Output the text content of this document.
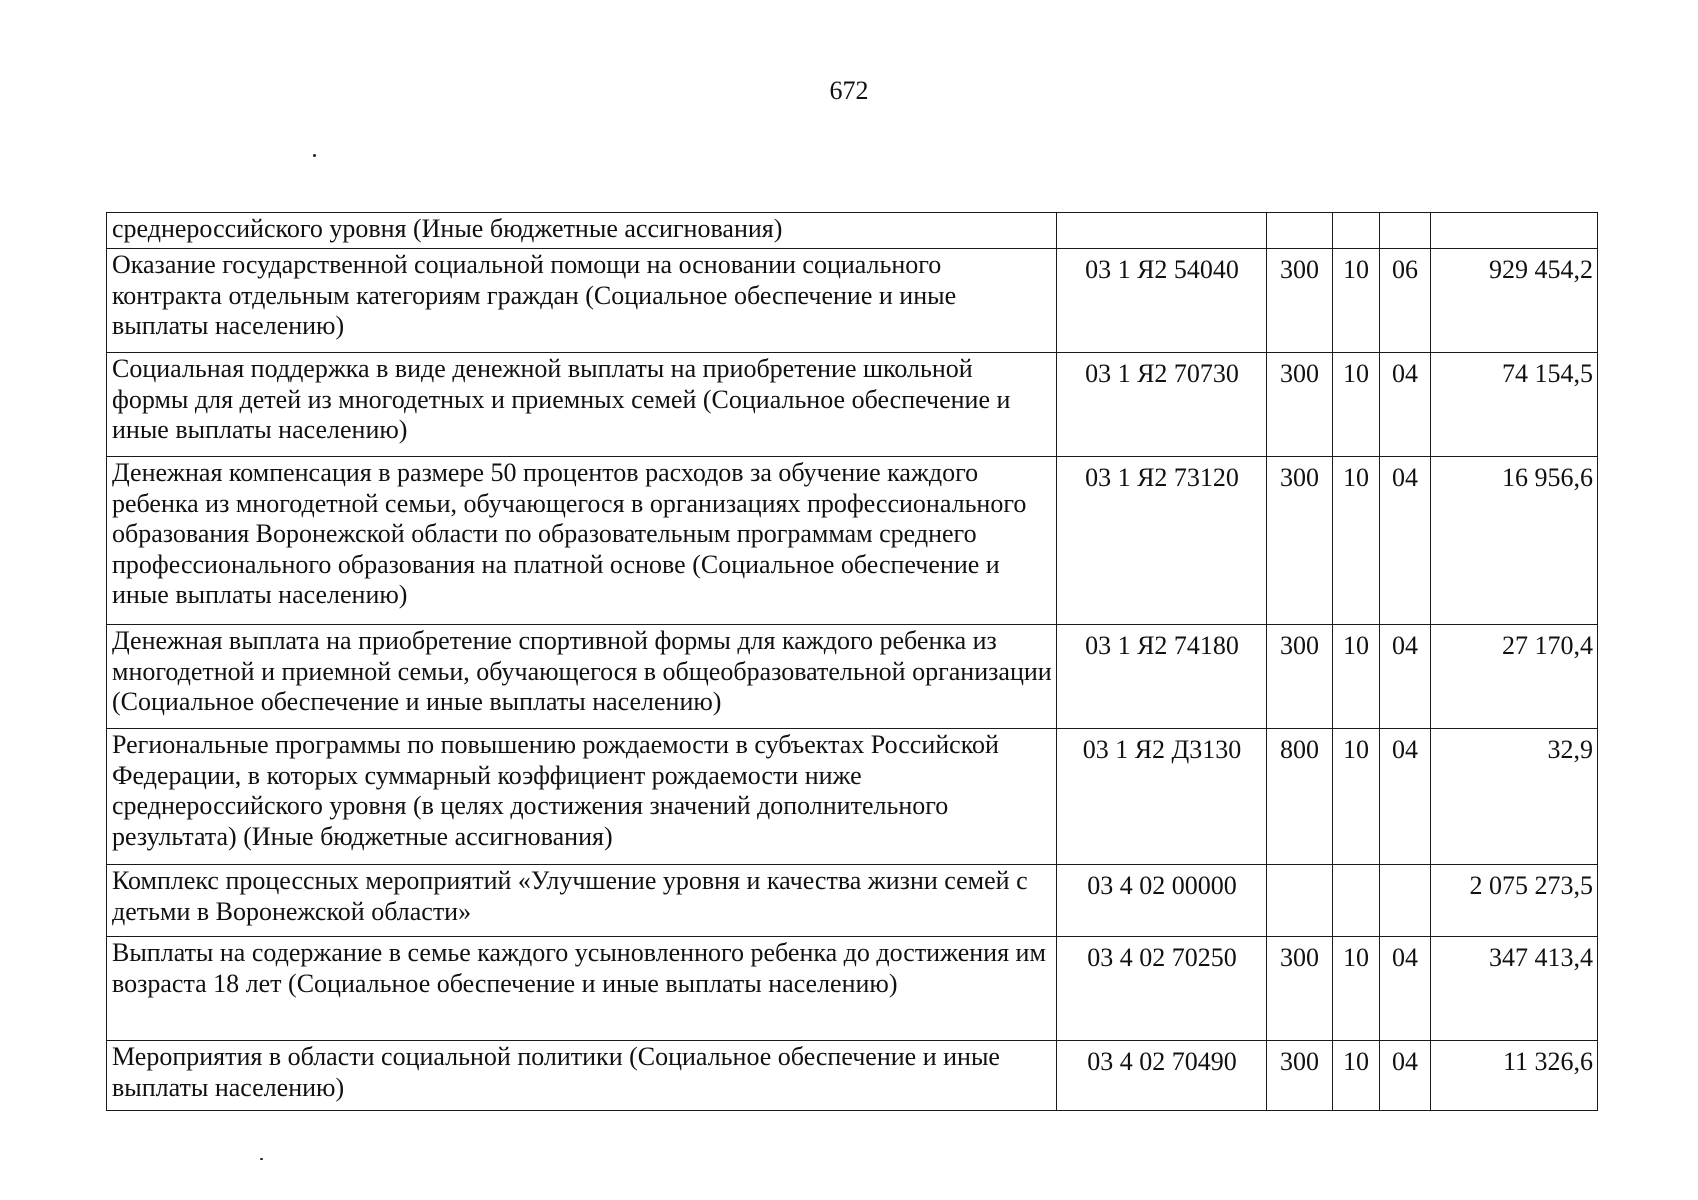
672
среднероссийского уровня (Иные бюджетные ассигнования)					
Оказание государственной социальной помощи на основании социального контракта отдельным категориям граждан (Социальное обеспечение и иные выплаты населению)	03 1 Я2 54040	300	10	06	929 454,2
Социальная поддержка в виде денежной выплаты на приобретение школьной формы для детей из многодетных и приемных семей (Социальное обеспечение и иные выплаты населению)	03 1 Я2 70730	300	10	04	74 154,5
Денежная компенсация в размере 50 процентов расходов за обучение каждого ребенка из многодетной семьи, обучающегося в организациях профессионального образования Воронежской области по образовательным программам среднего профессионального образования на платной основе (Социальное обеспечение и иные выплаты населению)	03 1 Я2 73120	300	10	04	16 956,6
Денежная выплата на приобретение спортивной формы для каждого ребенка из многодетной и приемной семьи, обучающегося в общеобразовательной организации (Социальное обеспечение и иные выплаты населению)	03 1 Я2 74180	300	10	04	27 170,4
Региональные программы по повышению рождаемости в субъектах Российской Федерации, в которых суммарный коэффициент рождаемости ниже среднероссийского уровня (в целях достижения значений дополнительного результата) (Иные бюджетные ассигнования)	03 1 Я2 Д3130	800	10	04	32,9
Комплекс процессных мероприятий «Улучшение уровня и качества жизни семей с детьми в Воронежской области»	03 4 02 00000				2 075 273,5
Выплаты на содержание в семье каждого усыновленного ребенка до достижения им возраста 18 лет (Социальное обеспечение и иные выплаты населению)	03 4 02 70250	300	10	04	347 413,4
Мероприятия в области социальной политики (Социальное обеспечение и иные выплаты населению)	03 4 02 70490	300	10	04	11 326,6
